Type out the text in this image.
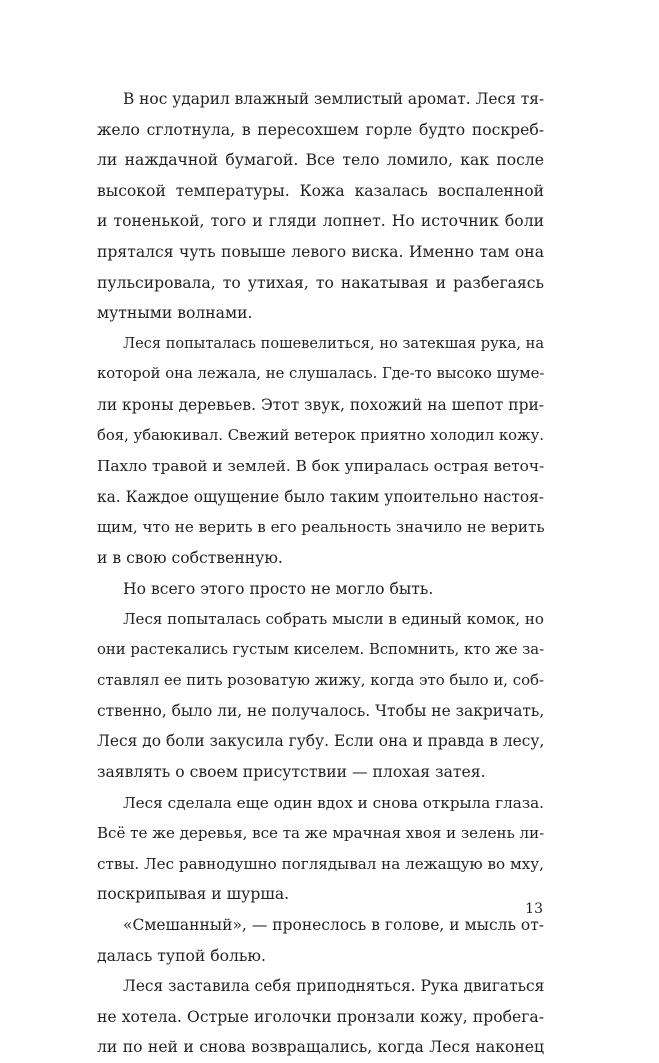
В нос ударил влажный землистый аромат. Леся тя-
жело сглотнула, в пересохшем горле будто поскреб-
ли наждачной бумагой. Все тело ломило, как после
высокой температуры. Кожа казалась воспаленной
и тоненькой, того и гляди лопнет. Но источник боли
прятался чуть повыше левого виска. Именно там она
пульсировала, то утихая, то накатывая и разбегаясь
мутными волнами.
Леся попыталась пошевелиться, но затекшая рука, на
которой она лежала, не слушалась. Где-то высоко шуме-
ли кроны деревьев. Этот звук, похожий на шепот при-
боя, убаюкивал. Свежий ветерок приятно холодил кожу.
Пахло травой и землей. В бок упиралась острая веточ-
ка. Каждое ощущение было таким упоительно настоя-
щим, что не верить в его реальность значило не верить
и в свою собственную.
Но всего этого просто не могло быть.
Леся попыталась собрать мысли в единый комок, но
они растекались густым киселем. Вспомнить, кто же за-
ставлял ее пить розоватую жижу, когда это было и, соб-
ственно, было ли, не получалось. Чтобы не закричать,
Леся до боли закусила губу. Если она и правда в лесу,
заявлять о своем присутствии — плохая затея.
Леся сделала еще один вдох и снова открыла глаза.
Всё те же деревья, все та же мрачная хвоя и зелень ли-
ствы. Лес равнодушно поглядывал на лежащую во мху,
поскрипывая и шурша.
«Смешанный», — пронеслось в голове, и мысль от-
далась тупой болью.
Леся заставила себя приподняться. Рука двигаться
не хотела. Острые иголочки пронзали кожу, пробега-
ли по ней и снова возвращались, когда Леся наконец
13
